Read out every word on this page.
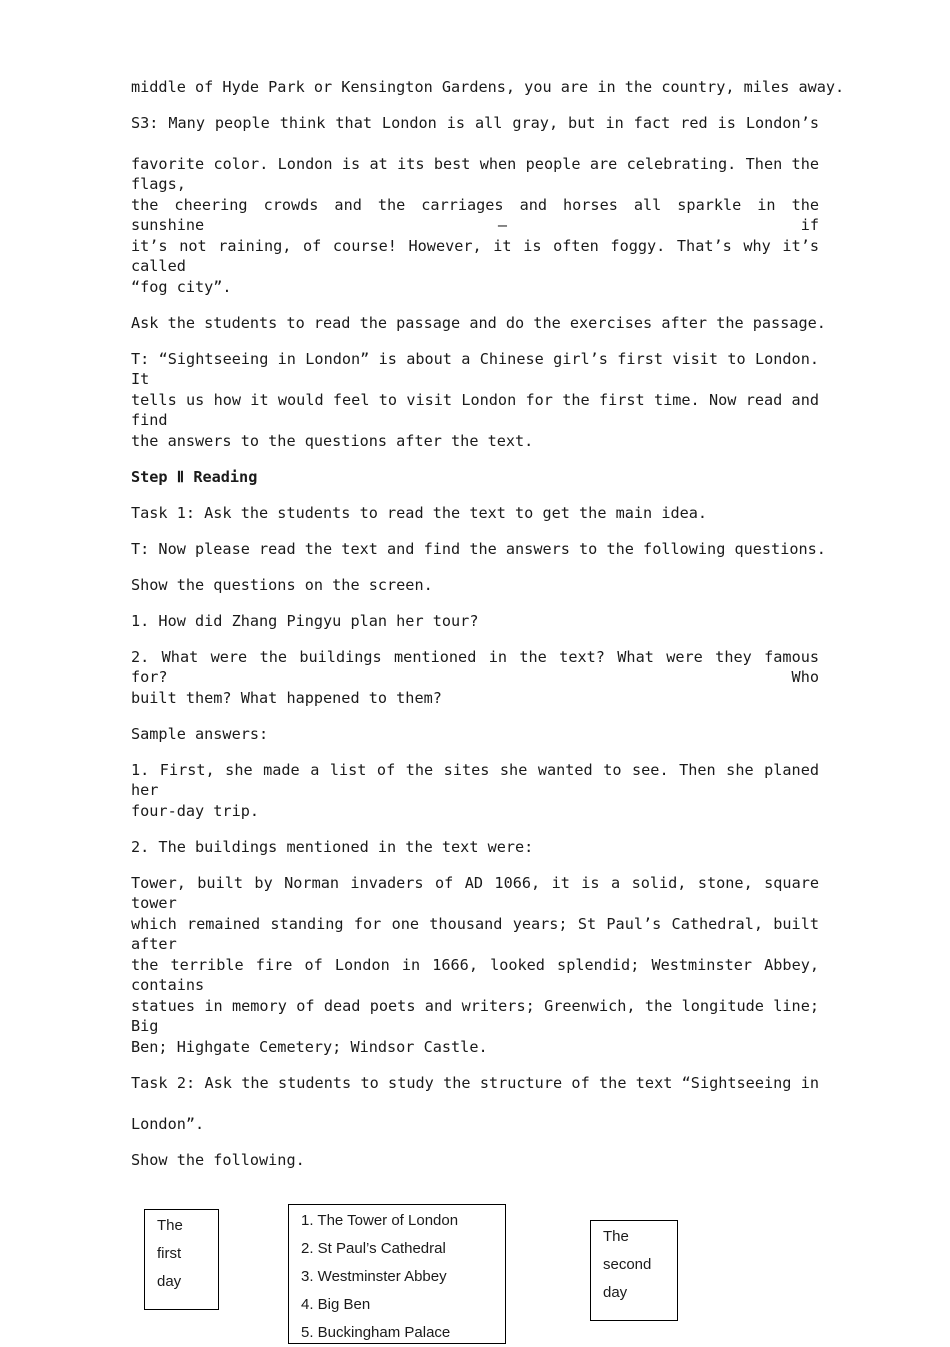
middle of Hyde Park or Kensington Gardens, you are in the country, miles away.
S3: Many people think that London is all gray, but in fact red is London’s
favorite color. London is at its best when people are celebrating. Then the flags,
the cheering crowds and the carriages and horses all sparkle in the sunshine — if
it’s not raining, of course! However, it is often foggy. That’s why it’s called
“fog city”.
Ask the students to read the passage and do the exercises after the passage.
T: “Sightseeing in London” is about a Chinese girl’s first visit to London. It
tells us how it would feel to visit London for the first time. Now read and find
the answers to the questions after the text.
Step Ⅱ Reading
Task 1: Ask the students to read the text to get the main idea.
T: Now please read the text and find the answers to the following questions.
Show the questions on the screen.
1. How did Zhang Pingyu plan her tour?
2. What were the buildings mentioned in the text? What were they famous for? Who
built them? What happened to them?
Sample answers:
1. First, she made a list of the sites she wanted to see. Then she planed her
four-day trip.
2. The buildings mentioned in the text were:
Tower, built by Norman invaders of AD 1066, it is a solid, stone, square tower
which remained standing for one thousand years; St Paul’s Cathedral, built after
the terrible fire of London in 1666, looked splendid; Westminster Abbey, contains
statues in memory of dead poets and writers; Greenwich, the longitude line; Big
Ben; Highgate Cemetery; Windsor Castle.
Task 2: Ask the students to study the structure of the text “Sightseeing in
London”.
Show the following.
The
first
day
1. The Tower of London
2. St Paul’s Cathedral
3. Westminster Abbey
4. Big Ben
5. Buckingham Palace
The
second
day
